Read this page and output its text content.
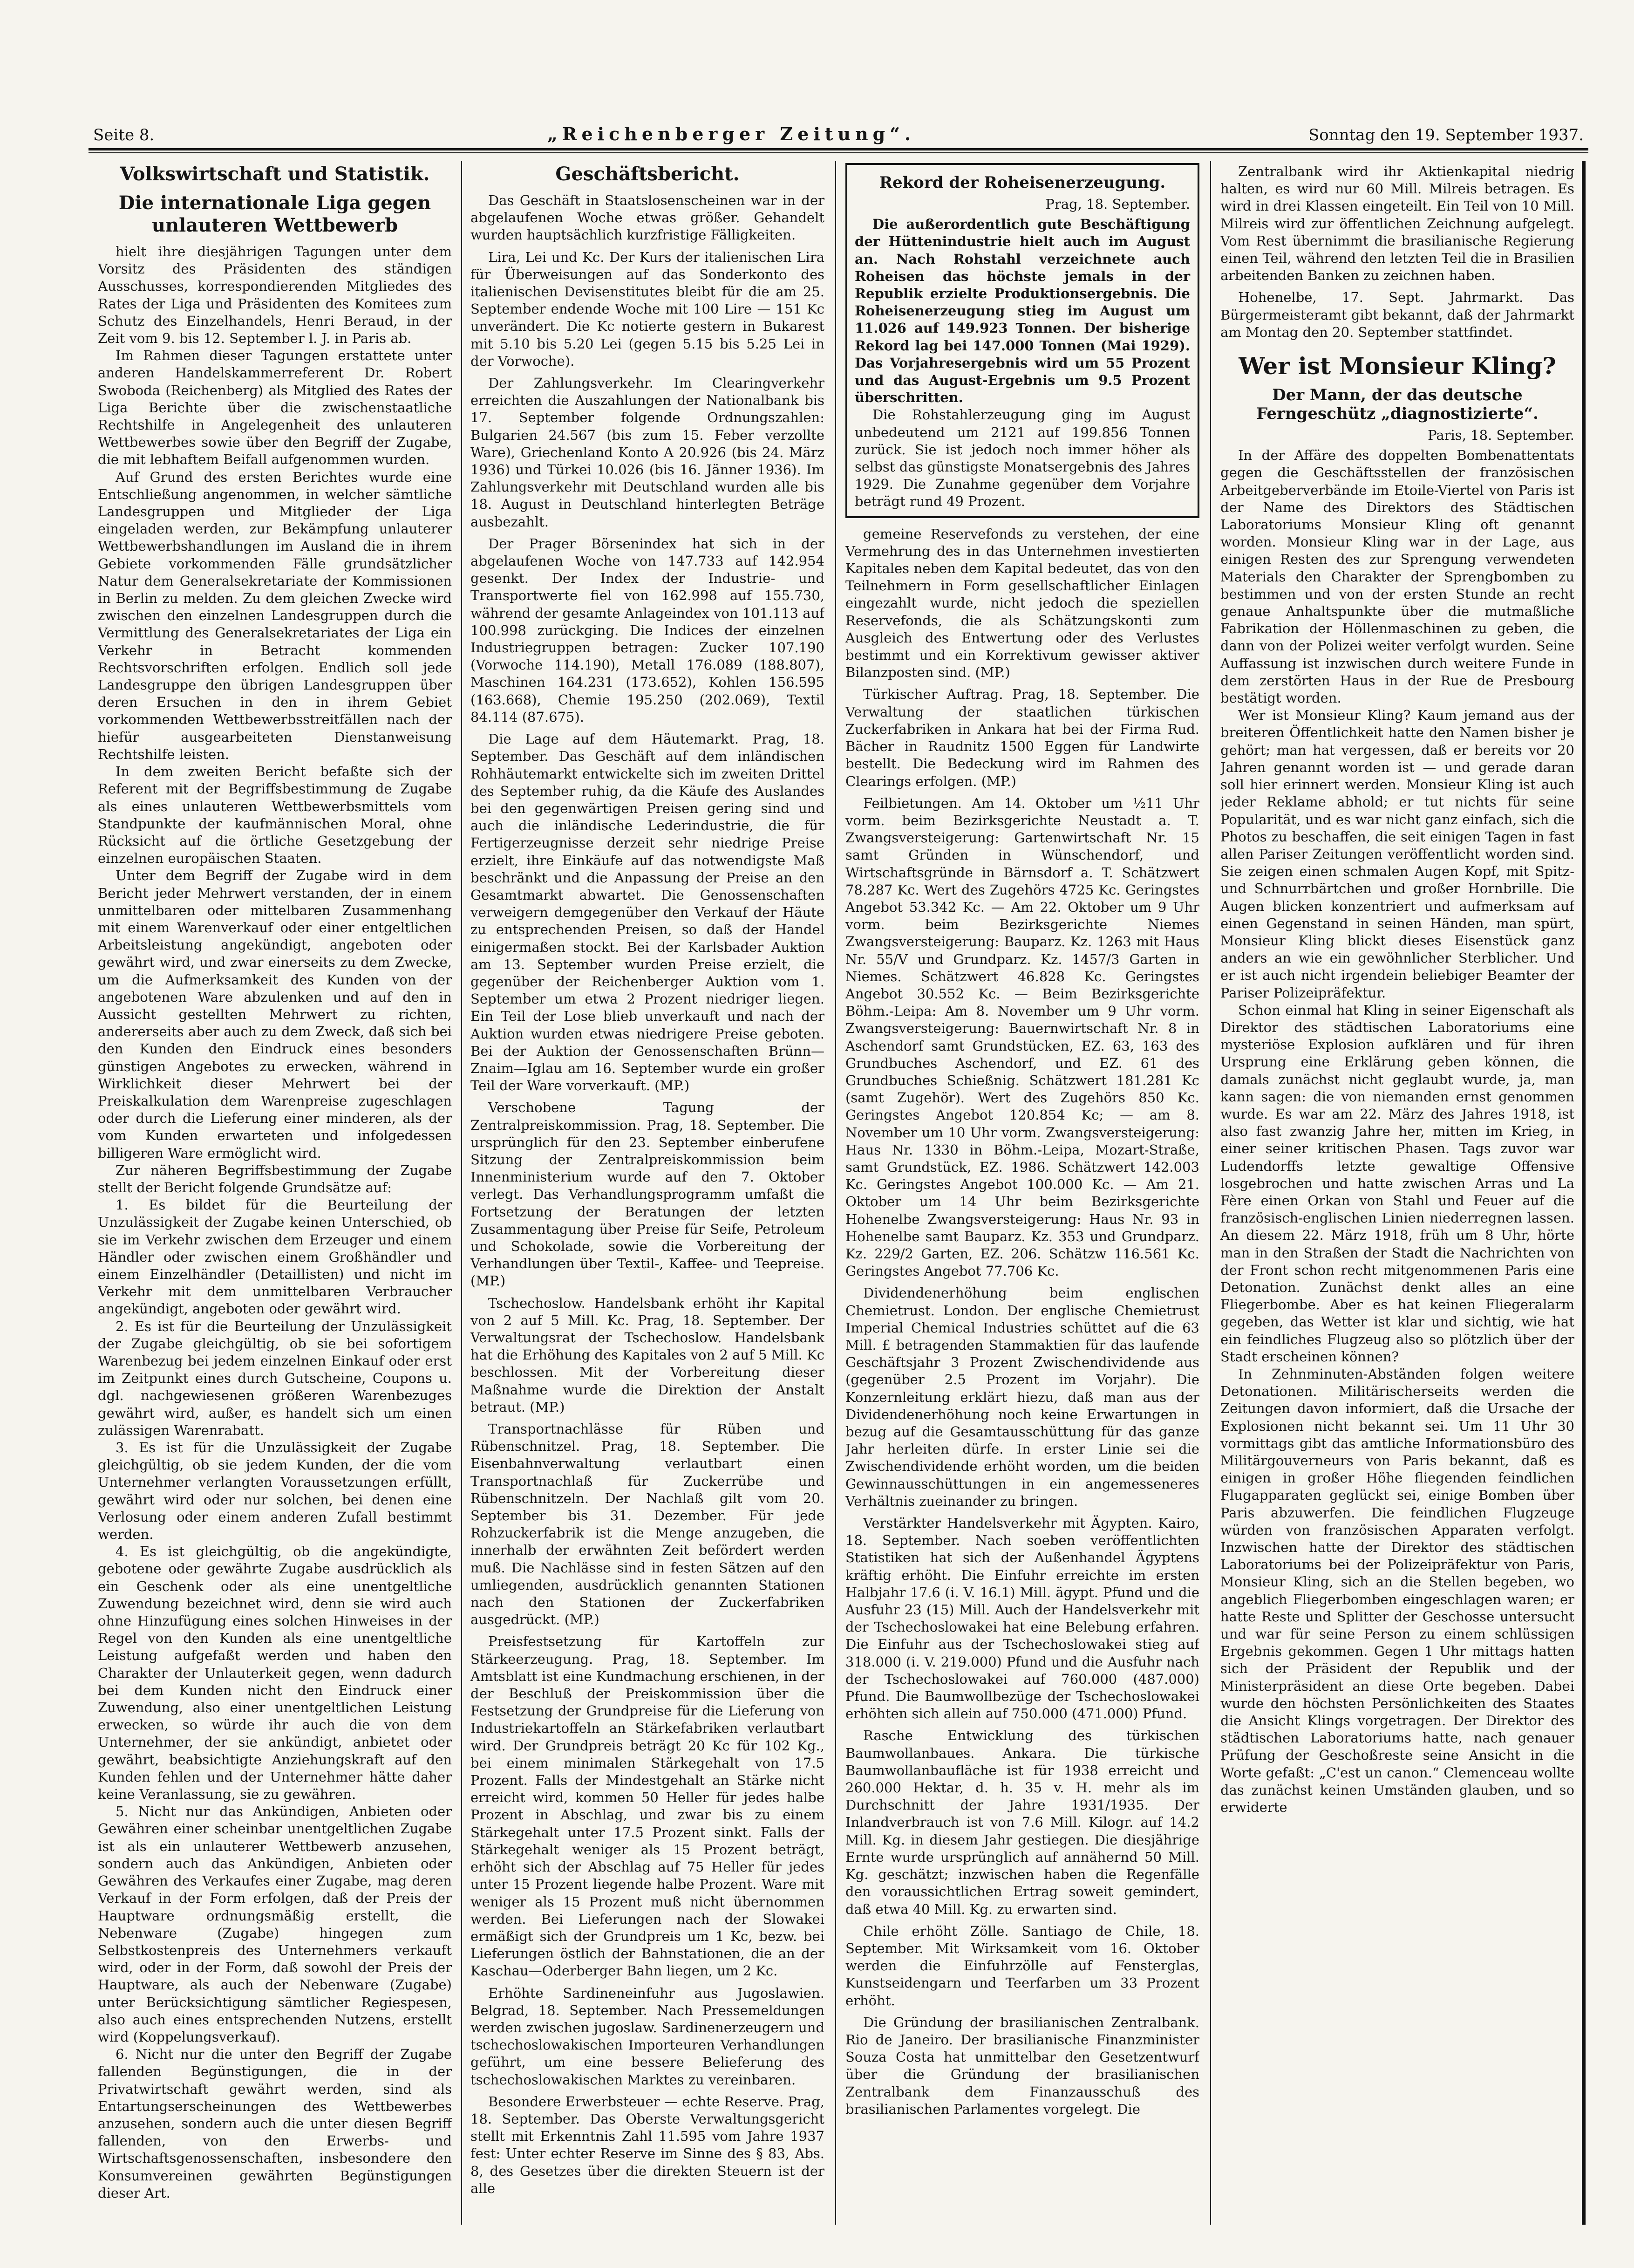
Seite 8.	„Reichenberger Zeitung“.	Sonntag den 19. September 1937.
Volkswirtschaft und Statistik.
Die internationale Liga gegen unlauteren Wettbewerb

hielt ihre diesjährigen Tagungen unter dem Vorsitz des Präsidenten des ständigen Ausschusses, korrespondierenden Mitgliedes des Rates der Liga und Präsidenten des Komitees zum Schutz des Einzelhandels, Henri Beraud, in der Zeit vom 9. bis 12. September l. J. in Paris ab.

Im Rahmen dieser Tagungen erstattete unter anderen Handelskammerreferent Dr. Robert Swoboda (Reichenberg) als Mitglied des Rates der Liga Berichte über die zwischenstaatliche Rechtshilfe in Angelegenheit des unlauteren Wettbewerbes sowie über den Begriff der Zugabe, die mit lebhaftem Beifall aufgenommen wurden.

Auf Grund des ersten Berichtes wurde eine Entschließung angenommen, in welcher sämtliche Landesgruppen und Mitglieder der Liga eingeladen werden, zur Bekämpfung unlauterer Wettbewerbshandlungen im Ausland die in ihrem Gebiete vorkommenden Fälle grundsätzlicher Natur dem Generalsekretariate der Kommissionen in Berlin zu melden. Zu dem gleichen Zwecke wird zwischen den einzelnen Landesgruppen durch die Vermittlung des Generalsekretariates der Liga ein Verkehr in Betracht kommenden Rechtsvorschriften erfolgen. Endlich soll jede Landesgruppe den übrigen Landesgruppen über deren Ersuchen in den in ihrem Gebiet vorkommenden Wettbewerbsstreitfällen nach der hiefür ausgearbeiteten Dienstanweisung Rechtshilfe leisten.

In dem zweiten Bericht befaßte sich der Referent mit der Begriffsbestimmung de Zugabe als eines unlauteren Wettbewerbsmittels vom Standpunkte der kaufmännischen Moral, ohne Rücksicht auf die örtliche Gesetzgebung der einzelnen europäischen Staaten.

Unter dem Begriff der Zugabe wird in dem Bericht jeder Mehrwert verstanden, der in einem unmittelbaren oder mittelbaren Zusammenhang mit einem Warenverkauf oder einer entgeltlichen Arbeitsleistung angekündigt, angeboten oder gewährt wird, und zwar einerseits zu dem Zwecke, um die Aufmerksamkeit des Kunden von der angebotenen Ware abzulenken und auf den in Aussicht gestellten Mehrwert zu richten, andererseits aber auch zu dem Zweck, daß sich bei den Kunden den Eindruck eines besonders günstigen Angebotes zu erwecken, während in Wirklichkeit dieser Mehrwert bei der Preiskalkulation dem Warenpreise zugeschlagen oder durch die Lieferung einer minderen, als der vom Kunden erwarteten und infolgedessen billigeren Ware ermöglicht wird.

Zur näheren Begriffsbestimmung der Zugabe stellt der Bericht folgende Grundsätze auf:

1. Es bildet für die Beurteilung der Unzulässigkeit der Zugabe keinen Unterschied, ob sie im Verkehr zwischen dem Erzeuger und einem Händler oder zwischen einem Großhändler und einem Einzelhändler (Detaillisten) und nicht im Verkehr mit dem unmittelbaren Verbraucher angekündigt, angeboten oder gewährt wird.

2. Es ist für die Beurteilung der Unzulässigkeit der Zugabe gleichgültig, ob sie bei sofortigem Warenbezug bei jedem einzelnen Einkauf oder erst im Zeitpunkt eines durch Gutscheine, Coupons u. dgl. nachgewiesenen größeren Warenbezuges gewährt wird, außer, es handelt sich um einen zulässigen Warenrabatt.

3. Es ist für die Unzulässigkeit der Zugabe gleichgültig, ob sie jedem Kunden, der die vom Unternehmer verlangten Voraussetzungen erfüllt, gewährt wird oder nur solchen, bei denen eine Verlosung oder einem anderen Zufall bestimmt werden.

4. Es ist gleichgültig, ob die angekündigte, gebotene oder gewährte Zugabe ausdrücklich als ein Geschenk oder als eine unentgeltliche Zuwendung bezeichnet wird, denn sie wird auch ohne Hinzufügung eines solchen Hinweises in der Regel von den Kunden als eine unentgeltliche Leistung aufgefaßt werden und haben den Charakter der Unlauterkeit gegen, wenn dadurch bei dem Kunden nicht den Eindruck einer Zuwendung, also einer unentgeltlichen Leistung erwecken, so würde ihr auch die von dem Unternehmer, der sie ankündigt, anbietet oder gewährt, beabsichtigte Anziehungskraft auf den Kunden fehlen und der Unternehmer hätte daher keine Veranlassung, sie zu gewähren.

5. Nicht nur das Ankündigen, Anbieten oder Gewähren einer scheinbar unentgeltlichen Zugabe ist als ein unlauterer Wettbewerb anzusehen, sondern auch das Ankündigen, Anbieten oder Gewähren des Verkaufes einer Zugabe, mag deren Verkauf in der Form erfolgen, daß der Preis der Hauptware ordnungsmäßig erstellt, die Nebenware (Zugabe) hingegen zum Selbstkostenpreis des Unternehmers verkauft wird, oder in der Form, daß sowohl der Preis der Hauptware, als auch der Nebenware (Zugabe) unter Berücksichtigung sämtlicher Regiespesen, also auch eines entsprechenden Nutzens, erstellt wird (Koppelungsverkauf).

6. Nicht nur die unter den Begriff der Zugabe fallenden Begünstigungen, die in der Privatwirtschaft gewährt werden, sind als Entartungserscheinungen des Wettbewerbes anzusehen, sondern auch die unter diesen Begriff fallenden, von den Erwerbs- und Wirtschaftsgenossenschaften, insbesondere den Konsumvereinen gewährten Begünstigungen dieser Art.

Geschäftsbericht.

Das Geschäft in Staatslosenscheinen war in der abgelaufenen Woche etwas größer. Gehandelt wurden hauptsächlich kurzfristige Fälligkeiten.

Lira, Lei und Kc. Der Kurs der italienischen Lira für Überweisungen auf das Sonderkonto des italienischen Devisenstitutes bleibt für die am 25. September endende Woche mit 100 Lire — 151 Kc unverändert. Die Kc notierte gestern in Bukarest mit 5.10 bis 5.20 Lei (gegen 5.15 bis 5.25 Lei in der Vorwoche).

Der Zahlungsverkehr. Im Clearingverkehr erreichten die Auszahlungen der Nationalbank bis 17. September folgende Ordnungszahlen: Bulgarien 24.567 (bis zum 15. Feber verzollte Ware), Griechenland Konto A 20.926 (bis 24. März 1936) und Türkei 10.026 (bis 16. Jänner 1936). Im Zahlungsverkehr mit Deutschland wurden alle bis 18. August in Deutschland hinterlegten Beträge ausbezahlt.

Der Prager Börsenindex hat sich in der abgelaufenen Woche von 147.733 auf 142.954 gesenkt. Der Index der Industrie- und Transportwerte fiel von 162.998 auf 155.730, während der gesamte Anlageindex von 101.113 auf 100.998 zurückging. Die Indices der einzelnen Industriegruppen betragen: Zucker 107.190 (Vorwoche 114.190), Metall 176.089 (188.807), Maschinen 164.231 (173.652), Kohlen 156.595 (163.668), Chemie 195.250 (202.069), Textil 84.114 (87.675).

Die Lage auf dem Häutemarkt. Prag, 18. September. Das Geschäft auf dem inländischen Rohhäutemarkt entwickelte sich im zweiten Drittel des September ruhig, da die Käufe des Auslandes bei den gegenwärtigen Preisen gering sind und auch die inländische Lederindustrie, die für Fertigerzeugnisse derzeit sehr niedrige Preise erzielt, ihre Einkäufe auf das notwendigste Maß beschränkt und die Anpassung der Preise an den Gesamtmarkt abwartet. Die Genossenschaften verweigern demgegenüber den Verkauf der Häute zu entsprechenden Preisen, so daß der Handel einigermaßen stockt. Bei der Karlsbader Auktion am 13. September wurden Preise erzielt, die gegenüber der Reichenberger Auktion vom 1. September um etwa 2 Prozent niedriger liegen. Ein Teil der Lose blieb unverkauft und nach der Auktion wurden etwas niedrigere Preise geboten. Bei der Auktion der Genossenschaften Brünn—Znaim—Iglau am 16. September wurde ein großer Teil der Ware vorverkauft. (MP.)

Verschobene Tagung der Zentralpreiskommission. Prag, 18. September. Die ursprünglich für den 23. September einberufene Sitzung der Zentralpreiskommission beim Innenministerium wurde auf den 7. Oktober verlegt. Das Verhandlungsprogramm umfaßt die Fortsetzung der Beratungen der letzten Zusammentagung über Preise für Seife, Petroleum und Schokolade, sowie die Vorbereitung der Verhandlungen über Textil-, Kaffee- und Teepreise. (MP.)

Tschechoslow. Handelsbank erhöht ihr Kapital von 2 auf 5 Mill. Kc. Prag, 18. September. Der Verwaltungsrat der Tschechoslow. Handelsbank hat die Erhöhung des Kapitales von 2 auf 5 Mill. Kc beschlossen. Mit der Vorbereitung dieser Maßnahme wurde die Direktion der Anstalt betraut. (MP.)

Transportnachlässe für Rüben und Rübenschnitzel. Prag, 18. September. Die Eisenbahnverwaltung verlautbart einen Transportnachlaß für Zuckerrübe und Rübenschnitzeln. Der Nachlaß gilt vom 20. September bis 31. Dezember. Für jede Rohzuckerfabrik ist die Menge anzugeben, die innerhalb der erwähnten Zeit befördert werden muß. Die Nachlässe sind in festen Sätzen auf den umliegenden, ausdrücklich genannten Stationen nach den Stationen der Zuckerfabriken ausgedrückt. (MP.)

Preisfestsetzung für Kartoffeln zur Stärkeerzeugung. Prag, 18. September. Im Amtsblatt ist eine Kundmachung erschienen, in der der Beschluß der Preiskommission über die Festsetzung der Grundpreise für die Lieferung von Industriekartoffeln an Stärkefabriken verlautbart wird. Der Grundpreis beträgt 20 Kc für 102 Kg., bei einem minimalen Stärkegehalt von 17.5 Prozent. Falls der Mindestgehalt an Stärke nicht erreicht wird, kommen 50 Heller für jedes halbe Prozent in Abschlag, und zwar bis zu einem Stärkegehalt unter 17.5 Prozent sinkt. Falls der Stärkegehalt weniger als 15 Prozent beträgt, erhöht sich der Abschlag auf 75 Heller für jedes unter 15 Prozent liegende halbe Prozent. Ware mit weniger als 15 Prozent muß nicht übernommen werden. Bei Lieferungen nach der Slowakei ermäßigt sich der Grundpreis um 1 Kc, bezw. bei Lieferungen östlich der Bahnstationen, die an der Kaschau—Oderberger Bahn liegen, um 2 Kc.

Erhöhte Sardineneinfuhr aus Jugoslawien. Belgrad, 18. September. Nach Pressemeldungen werden zwischen jugoslaw. Sardinenerzeugern und tschechoslowakischen Importeuren Verhandlungen geführt, um eine bessere Belieferung des tschechoslowakischen Marktes zu vereinbaren.

Besondere Erwerbsteuer — echte Reserve. Prag, 18. September. Das Oberste Verwaltungsgericht stellt mit Erkenntnis Zahl 11.595 vom Jahre 1937 fest: Unter echter Reserve im Sinne des § 83, Abs. 8, des Gesetzes über die direkten Steuern ist der alle

Rekord der Roheisenerzeugung.

Prag, 18. September.

Die außerordentlich gute Beschäftigung der Hüttenindustrie hielt auch im August an. Nach Rohstahl verzeichnete auch Roheisen das höchste jemals in der Republik erzielte Produktionsergebnis. Die Roheisenerzeugung stieg im August um 11.026 auf 149.923 Tonnen. Der bisherige Rekord lag bei 147.000 Tonnen (Mai 1929). Das Vorjahresergebnis wird um 55 Prozent und das August-Ergebnis um 9.5 Prozent überschritten.

Die Rohstahlerzeugung ging im August unbedeutend um 2121 auf 199.856 Tonnen zurück. Sie ist jedoch noch immer höher als selbst das günstigste Monatsergebnis des Jahres 1929. Die Zunahme gegenüber dem Vorjahre beträgt rund 49 Prozent.

gemeine Reservefonds zu verstehen, der eine Vermehrung des in das Unternehmen investierten Kapitales neben dem Kapital bedeutet, das von den Teilnehmern in Form gesellschaftlicher Einlagen eingezahlt wurde, nicht jedoch die speziellen Reservefonds, die als Schätzungskonti zum Ausgleich des Entwertung oder des Verlustes bestimmt und ein Korrektivum gewisser aktiver Bilanzposten sind. (MP.)

Türkischer Auftrag. Prag, 18. September. Die Verwaltung der staatlichen türkischen Zuckerfabriken in Ankara hat bei der Firma Rud. Bächer in Raudnitz 1500 Eggen für Landwirte bestellt. Die Bedeckung wird im Rahmen des Clearings erfolgen. (MP.)

Feilbietungen. Am 14. Oktober um ½11 Uhr vorm. beim Bezirksgerichte Neustadt a. T. Zwangsversteigerung: Gartenwirtschaft Nr. 15 samt Gründen in Wünschendorf, und Wirtschaftsgründe in Bärnsdorf a. T. Schätzwert 78.287 Kc. Wert des Zugehörs 4725 Kc. Geringstes Angebot 53.342 Kc. — Am 22. Oktober um 9 Uhr vorm. beim Bezirksgerichte Niemes Zwangsversteigerung: Bauparz. Kz. 1263 mit Haus Nr. 55/V und Grundparz. Kz. 1457/3 Garten in Niemes. Schätzwert 46.828 Kc. Geringstes Angebot 30.552 Kc. — Beim Bezirksgerichte Böhm.-Leipa: Am 8. November um 9 Uhr vorm. Zwangsversteigerung: Bauernwirtschaft Nr. 8 in Aschendorf samt Grundstücken, EZ. 63, 163 des Grundbuches Aschendorf, und EZ. 61 des Grundbuches Schießnig. Schätzwert 181.281 Kc (samt Zugehör). Wert des Zugehörs 850 Kc. Geringstes Angebot 120.854 Kc; — am 8. November um 10 Uhr vorm. Zwangsversteigerung: Haus Nr. 1330 in Böhm.-Leipa, Mozart-Straße, samt Grundstück, EZ. 1986. Schätzwert 142.003 Kc. Geringstes Angebot 100.000 Kc. — Am 21. Oktober um 14 Uhr beim Bezirksgerichte Hohenelbe Zwangsversteigerung: Haus Nr. 93 in Hohenelbe samt Bauparz. Kz. 353 und Grundparz. Kz. 229/2 Garten, EZ. 206. Schätzw 116.561 Kc. Geringstes Angebot 77.706 Kc.

Dividendenerhöhung beim englischen Chemietrust. London. Der englische Chemietrust Imperial Chemical Industries schüttet auf die 63 Mill. £ betragenden Stammaktien für das laufende Geschäftsjahr 3 Prozent Zwischendividende aus (gegenüber 2.5 Prozent im Vorjahr). Die Konzernleitung erklärt hiezu, daß man aus der Dividendenerhöhung noch keine Erwartungen in bezug auf die Gesamtausschüttung für das ganze Jahr herleiten dürfe. In erster Linie sei die Zwischendividende erhöht worden, um die beiden Gewinnausschüttungen in ein angemesseneres Verhältnis zueinander zu bringen.

Verstärkter Handelsverkehr mit Ägypten. Kairo, 18. September. Nach soeben veröffentlichten Statistiken hat sich der Außenhandel Ägyptens kräftig erhöht. Die Einfuhr erreichte im ersten Halbjahr 17.6 (i. V. 16.1) Mill. ägypt. Pfund und die Ausfuhr 23 (15) Mill. Auch der Handelsverkehr mit der Tschechoslowakei hat eine Belebung erfahren. Die Einfuhr aus der Tschechoslowakei stieg auf 318.000 (i. V. 219.000) Pfund und die Ausfuhr nach der Tschechoslowakei auf 760.000 (487.000) Pfund. Die Baumwollbezüge der Tschechoslowakei erhöhten sich allein auf 750.000 (471.000) Pfund.

Rasche Entwicklung des türkischen Baumwollanbaues. Ankara. Die türkische Baumwollanbaufläche ist für 1938 erreicht und 260.000 Hektar, d. h. 35 v. H. mehr als im Durchschnitt der Jahre 1931/1935. Der Inlandverbrauch ist von 7.6 Mill. Kilogr. auf 14.2 Mill. Kg. in diesem Jahr gestiegen. Die diesjährige Ernte wurde ursprünglich auf annähernd 50 Mill. Kg. geschätzt; inzwischen haben die Regenfälle den voraussichtlichen Ertrag soweit gemindert, daß etwa 40 Mill. Kg. zu erwarten sind.

Chile erhöht Zölle. Santiago de Chile, 18. September. Mit Wirksamkeit vom 16. Oktober werden die Einfuhrzölle auf Fensterglas, Kunstseidengarn und Teerfarben um 33 Prozent erhöht.

Die Gründung der brasilianischen Zentralbank. Rio de Janeiro. Der brasilianische Finanzminister Souza Costa hat unmittelbar den Gesetzentwurf über die Gründung der brasilianischen Zentralbank dem Finanzausschuß des brasilianischen Parlamentes vorgelegt. Die

Zentralbank wird ihr Aktienkapital niedrig halten, es wird nur 60 Mill. Milreis betragen. Es wird in drei Klassen eingeteilt. Ein Teil von 10 Mill. Milreis wird zur öffentlichen Zeichnung aufgelegt. Vom Rest übernimmt die brasilianische Regierung einen Teil, während den letzten Teil die in Brasilien arbeitenden Banken zu zeichnen haben.

Hohenelbe, 17. Sept. Jahrmarkt. Das Bürgermeisteramt gibt bekannt, daß der Jahrmarkt am Montag den 20. September stattfindet.

Wer ist Monsieur Kling?
Der Mann, der das deutsche Ferngeschütz „diagnostizierte“.

Paris, 18. September.

In der Affäre des doppelten Bombenattentats gegen die Geschäftsstellen der französischen Arbeitgeberverbände im Etoile-Viertel von Paris ist der Name des Direktors des Städtischen Laboratoriums Monsieur Kling oft genannt worden. Monsieur Kling war in der Lage, aus einigen Resten des zur Sprengung verwendeten Materials den Charakter der Sprengbomben zu bestimmen und von der ersten Stunde an recht genaue Anhaltspunkte über die mutmaßliche Fabrikation der Höllenmaschinen zu geben, die dann von der Polizei weiter verfolgt wurden. Seine Auffassung ist inzwischen durch weitere Funde in dem zerstörten Haus in der Rue de Presbourg bestätigt worden.

Wer ist Monsieur Kling? Kaum jemand aus der breiteren Öffentlichkeit hatte den Namen bisher je gehört; man hat vergessen, daß er bereits vor 20 Jahren genannt worden ist — und gerade daran soll hier erinnert werden. Monsieur Kling ist auch jeder Reklame abhold; er tut nichts für seine Popularität, und es war nicht ganz einfach, sich die Photos zu beschaffen, die seit einigen Tagen in fast allen Pariser Zeitungen veröffentlicht worden sind. Sie zeigen einen schmalen Augen Kopf, mit Spitz- und Schnurrbärtchen und großer Hornbrille. Die Augen blicken konzentriert und aufmerksam auf einen Gegenstand in seinen Händen, man spürt, Monsieur Kling blickt dieses Eisenstück ganz anders an wie ein gewöhnlicher Sterblicher. Und er ist auch nicht irgendein beliebiger Beamter der Pariser Polizeipräfektur.

Schon einmal hat Kling in seiner Eigenschaft als Direktor des städtischen Laboratoriums eine mysteriöse Explosion aufklären und für ihren Ursprung eine Erklärung geben können, die damals zunächst nicht geglaubt wurde, ja, man kann sagen: die von niemanden ernst genommen wurde. Es war am 22. März des Jahres 1918, ist also fast zwanzig Jahre her, mitten im Krieg, in einer seiner kritischen Phasen. Tags zuvor war Ludendorffs letzte gewaltige Offensive losgebrochen und hatte zwischen Arras und La Fère einen Orkan von Stahl und Feuer auf die französisch-englischen Linien niederregnen lassen. An diesem 22. März 1918, früh um 8 Uhr, hörte man in den Straßen der Stadt die Nachrichten von der Front schon recht mitgenommenen Paris eine Detonation. Zunächst denkt alles an eine Fliegerbombe. Aber es hat keinen Fliegeralarm gegeben, das Wetter ist klar und sichtig, wie hat ein feindliches Flugzeug also so plötzlich über der Stadt erscheinen können?

In Zehnminuten-Abständen folgen weitere Detonationen. Militärischerseits werden die Zeitungen davon informiert, daß die Ursache der Explosionen nicht bekannt sei. Um 11 Uhr 30 vormittags gibt das amtliche Informationsbüro des Militärgouverneurs von Paris bekannt, daß es einigen in großer Höhe fliegenden feindlichen Flugapparaten geglückt sei, einige Bomben über Paris abzuwerfen. Die feindlichen Flugzeuge würden von französischen Apparaten verfolgt. Inzwischen hatte der Direktor des städtischen Laboratoriums bei der Polizeipräfektur von Paris, Monsieur Kling, sich an die Stellen begeben, wo angeblich Fliegerbomben eingeschlagen waren; er hatte Reste und Splitter der Geschosse untersucht und war für seine Person zu einem schlüssigen Ergebnis gekommen. Gegen 1 Uhr mittags hatten sich der Präsident der Republik und der Ministerpräsident an diese Orte begeben. Dabei wurde den höchsten Persönlichkeiten des Staates die Ansicht Klings vorgetragen. Der Direktor des städtischen Laboratoriums hatte, nach genauer Prüfung der Geschoßreste seine Ansicht in die Worte gefaßt: „C'est un canon.“ Clemenceau wollte das zunächst keinen Umständen glauben, und so erwiderte
